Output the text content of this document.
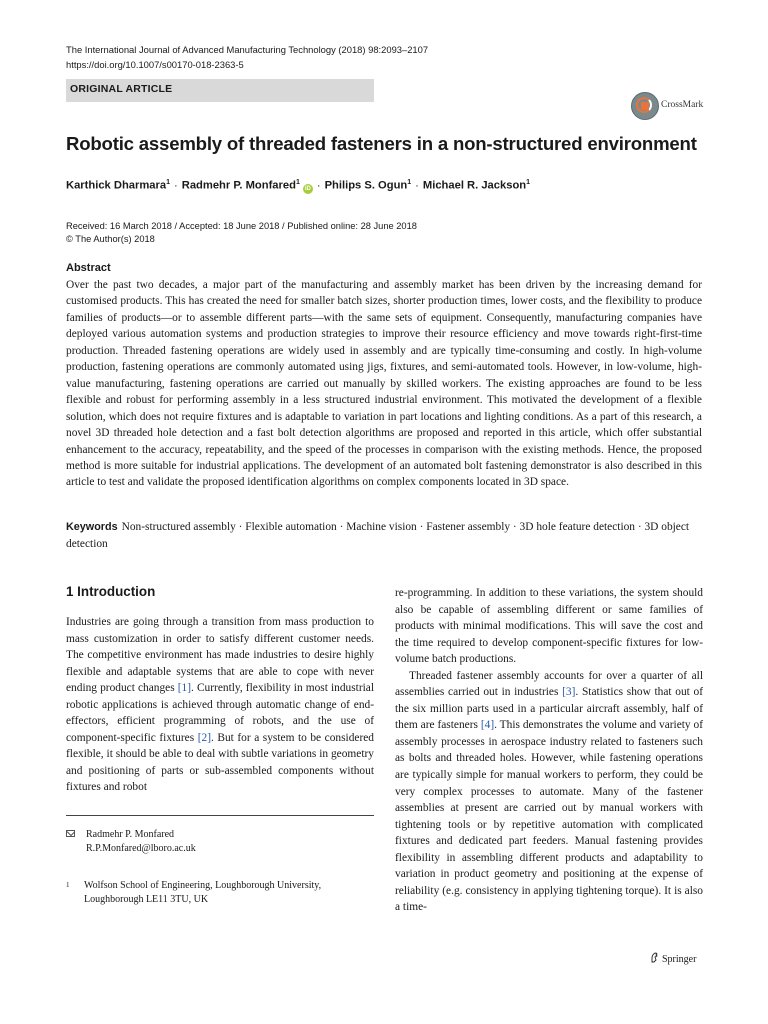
The International Journal of Advanced Manufacturing Technology (2018) 98:2093–2107
https://doi.org/10.1007/s00170-018-2363-5
ORIGINAL ARTICLE
CrossMark
Robotic assembly of threaded fasteners in a non-structured environment
Karthick Dharmara$^1$ · Radmehr P. Monfared$^1$iD · Philips S. Ogun$^1$ · Michael R. Jackson$^1$
Received: 16 March 2018 / Accepted: 18 June 2018 / Published online: 28 June 2018
© The Author(s) 2018
Abstract
Over the past two decades, a major part of the manufacturing and assembly market has been driven by the increasing demand for customised products. This has created the need for smaller batch sizes, shorter production times, lower costs, and the flexibility to produce families of products—or to assemble different parts—with the same sets of equipment. Consequently, manufacturing companies have deployed various automation systems and production strategies to improve their resource efficiency and move towards right-first-time production. Threaded fastening operations are widely used in assembly and are typically time-consuming and costly. In high-volume production, fastening operations are commonly automated using jigs, fixtures, and semi-automated tools. However, in low-volume, high-value manufacturing, fastening operations are carried out manually by skilled workers. The existing approaches are found to be less flexible and robust for performing assembly in a less structured industrial environment. This motivated the development of a flexible solution, which does not require fixtures and is adaptable to variation in part locations and lighting conditions. As a part of this research, a novel 3D threaded hole detection and a fast bolt detection algorithms are proposed and reported in this article, which offer substantial enhancement to the accuracy, repeatability, and the speed of the processes in comparison with the existing methods. Hence, the proposed method is more suitable for industrial applications. The development of an automated bolt fastening demonstrator is also described in this article to test and validate the proposed identification algorithms on complex components located in 3D space.
Keywords Non-structured assembly · Flexible automation · Machine vision · Fastener assembly · 3D hole feature detection · 3D object detection
1 Introduction

Industries are going through a transition from mass production to mass customization in order to satisfy different customer needs. The competitive environment has made industries to desire highly flexible and adaptable systems that are able to cope with never ending product changes [1]. Currently, flexibility in most industrial robotic applications is achieved through automatic change of end-effectors, efficient programming of robots, and the use of component-specific fixtures [2]. But for a system to be considered flexible, it should be able to deal with subtle variations in geometry and positioning of parts or sub-assembled components without fixtures and robot

Radmehr P. Monfared
R.P.Monfared@lboro.ac.uk
1 Wolfson School of Engineering, Loughborough University,
Loughborough LE11 3TU, UK

re-programming. In addition to these variations, the system should also be capable of assembling different or same families of products with minimal modifications. This will save the cost and the time required to develop component-specific fixtures for low-volume batch productions.

Threaded fastener assembly accounts for over a quarter of all assemblies carried out in industries [3]. Statistics show that out of the six million parts used in a particular aircraft assembly, half of them are fasteners [4]. This demonstrates the volume and variety of assembly processes in aerospace industry related to fasteners such as bolts and threaded holes. However, while fastening operations are typically simple for manual workers to perform, they could be very complex processes to automate. Many of the fastener assemblies at present are carried out by manual workers with tightening tools or by repetitive automation with complicated fixtures and dedicated part feeders. Manual fastening provides flexibility in assembling different products and adaptability to variation in product geometry and positioning at the expense of reliability (e.g. consistency in applying tightening torque). It is also a time-

Springer
